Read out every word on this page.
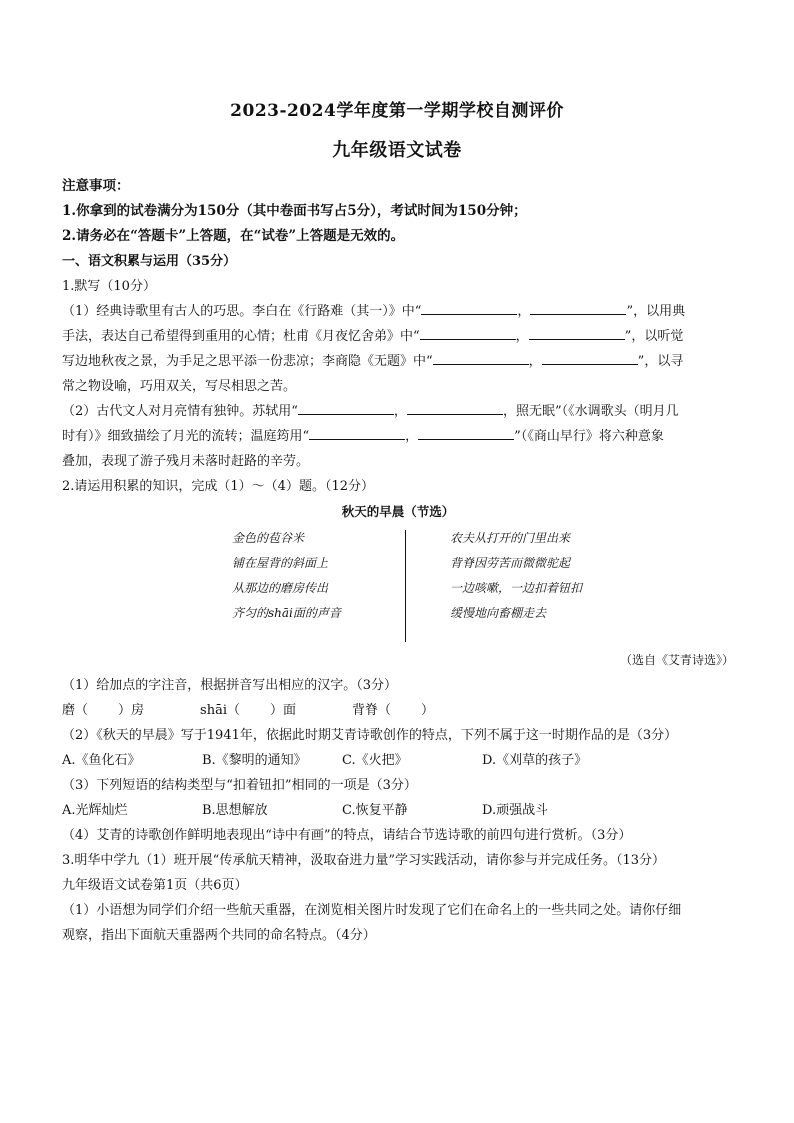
2023-2024学年度第一学期学校自测评价
九年级语文试卷

注意事项：

1.你拿到的试卷满分为150分（其中卷面书写占5分），考试时间为150分钟；

2.请务必在“答题卡”上答题，在“试卷”上答题是无效的。

一、语文积累与运用（35分）

1.默写（10分）

（1）经典诗歌里有古人的巧思。李白在《行路难（其一）》中“	，	”，以用典

手法，表达自己希望得到重用的心情；杜甫《月夜忆舍弟》中“	，	”，以听觉

写边地秋夜之景，为手足之思平添一份悲凉；李商隐《无题》中“	，	”，以寻

常之物设喻，巧用双关，写尽相思之苦。

（2）古代文人对月亮情有独钟。苏轼用“	，	，照无眠”（《水调歌头（明月几

时有）》细致描绘了月光的流转；温庭筠用“	，	”（《商山早行》将六种意象

叠加，表现了游子残月未落时赶路的辛劳。

2.请运用积累的知识，完成（1）～（4）题。（12分）

秋天的早晨（节选）

金色的苞谷米
铺在屋背的斜面上
从那边的磨房传出
齐匀的shāi面的声音
农夫从打开的门里出来
背脊因劳苦而微微驼起
一边咳嗽，一边扣着钮扣
缓慢地向畜棚走去

（选自《艾青诗选》）

（1）给加点的字注音，根据拼音写出相应的汉字。（3分）

磨（ ）房	shāi（ ）面	背脊（ ）

（2）《秋天的早晨》写于1941年，依据此时期艾青诗歌创作的特点，下列不属于这一时期作品的是（3分）

A.《鱼化石》	B.《黎明的通知》	C.《火把》	D.《刈草的孩子》

（3）下列短语的结构类型与“扣着钮扣”相同的一项是（3分）

A.光辉灿烂	B.思想解放	C.恢复平静	D.顽强战斗

（4）艾青的诗歌创作鲜明地表现出“诗中有画”的特点，请结合节选诗歌的前四句进行赏析。（3分）

3.明华中学九（1）班开展“传承航天精神，汲取奋进力量”学习实践活动，请你参与并完成任务。（13分）

九年级语文试卷第1页（共6页）

（1）小语想为同学们介绍一些航天重器，在浏览相关图片时发现了它们在命名上的一些共同之处。请你仔细

观察，指出下面航天重器两个共同的命名特点。（4分）
